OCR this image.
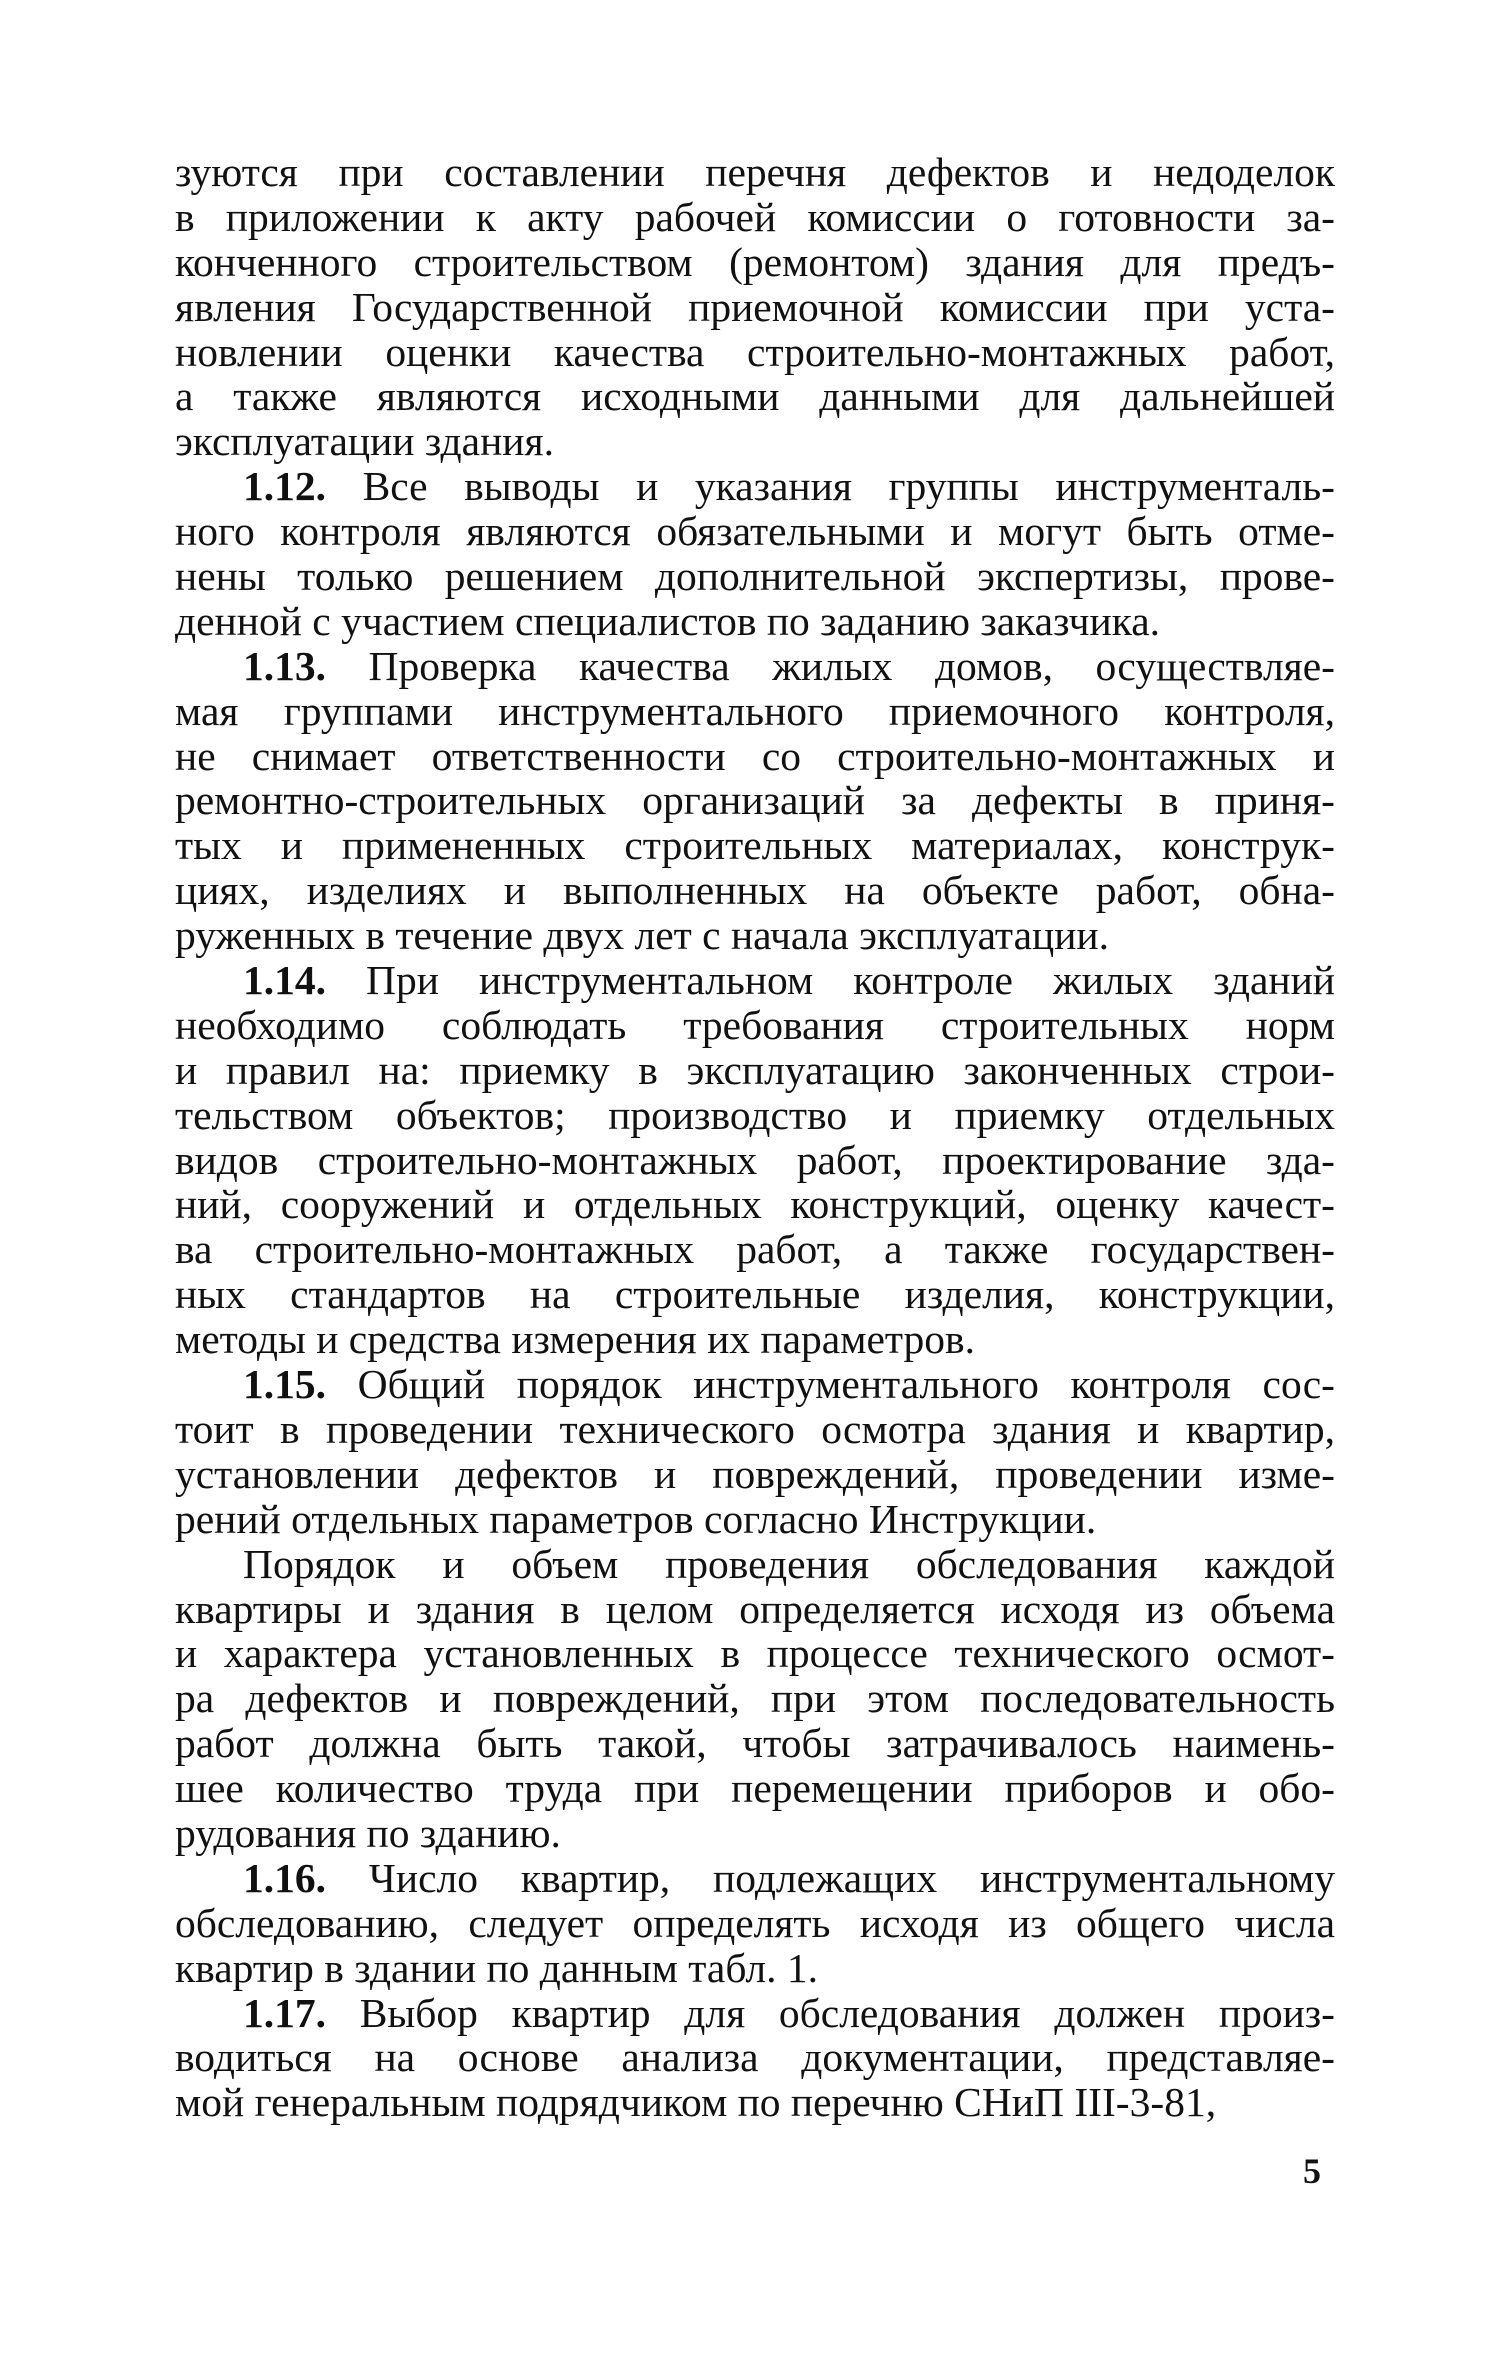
зуются при составлении перечня дефектов и недоделок
в приложении к акту рабочей комиссии о готовности за-
конченного строительством (ремонтом) здания для предъ-
явления Государственной приемочной комиссии при уста-
новлении оценки качества строительно-монтажных работ,
а также являются исходными данными для дальнейшей
эксплуатации здания.
1.12. Все выводы и указания группы инструменталь-
ного контроля являются обязательными и могут быть отме-
нены только решением дополнительной экспертизы, прове-
денной с участием специалистов по заданию заказчика.
1.13. Проверка качества жилых домов, осуществляе-
мая группами инструментального приемочного контроля,
не снимает ответственности со строительно-монтажных и
ремонтно-строительных организаций за дефекты в приня-
тых и примененных строительных материалах, конструк-
циях, изделиях и выполненных на объекте работ, обна-
руженных в течение двух лет с начала эксплуатации.
1.14. При инструментальном контроле жилых зданий
необходимо соблюдать требования строительных норм
и правил на: приемку в эксплуатацию законченных строи-
тельством объектов; производство и приемку отдельных
видов строительно-монтажных работ, проектирование зда-
ний, сооружений и отдельных конструкций, оценку качест-
ва строительно-монтажных работ, а также государствен-
ных стандартов на строительные изделия, конструкции,
методы и средства измерения их параметров.
1.15. Общий порядок инструментального контроля сос-
тоит в проведении технического осмотра здания и квартир,
установлении дефектов и повреждений, проведении изме-
рений отдельных параметров согласно Инструкции.
Порядок и объем проведения обследования каждой
квартиры и здания в целом определяется исходя из объема
и характера установленных в процессе технического осмот-
ра дефектов и повреждений, при этом последовательность
работ должна быть такой, чтобы затрачивалось наимень-
шее количество труда при перемещении приборов и обо-
рудования по зданию.
1.16. Число квартир, подлежащих инструментальному
обследованию, следует определять исходя из общего числа
квартир в здании по данным табл. 1.
1.17. Выбор квартир для обследования должен произ-
водиться на основе анализа документации, представляе-
мой генеральным подрядчиком по перечню СНиП III-3-81,
5
